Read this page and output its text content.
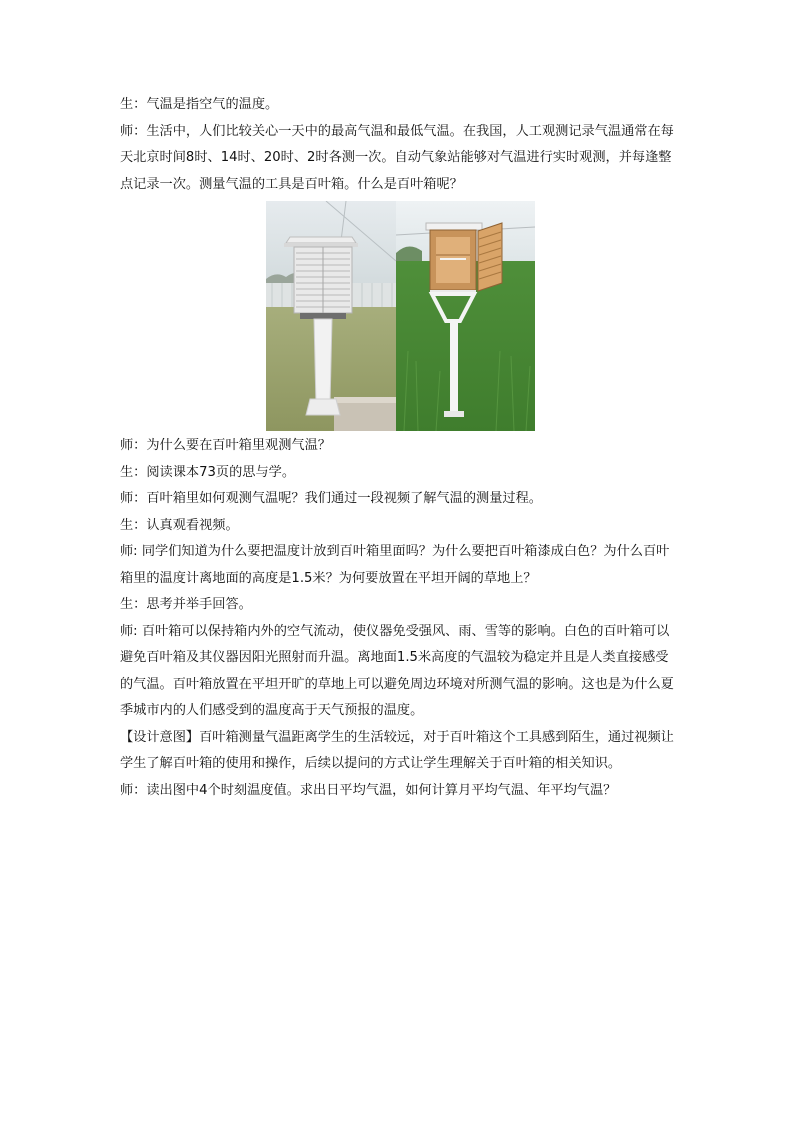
生：气温是指空气的温度。

师：生活中，人们比较关心一天中的最高气温和最低气温。在我国，人工观测记录气温通常在每天北京时间8时、14时、20时、2时各测一次。自动气象站能够对气温进行实时观测，并每逢整点记录一次。测量气温的工具是百叶箱。什么是百叶箱呢？

师：为什么要在百叶箱里观测气温？

生：阅读课本73页的思与学。

师：百叶箱里如何观测气温呢？我们通过一段视频了解气温的测量过程。

生：认真观看视频。

师: 同学们知道为什么要把温度计放到百叶箱里面吗？为什么要把百叶箱漆成白色？为什么百叶箱里的温度计离地面的高度是1.5米？为何要放置在平坦开阔的草地上？

生：思考并举手回答。

师: 百叶箱可以保持箱内外的空气流动，使仪器免受强风、雨、雪等的影响。白色的百叶箱可以避免百叶箱及其仪器因阳光照射而升温。离地面1.5米高度的气温较为稳定并且是人类直接感受的气温。百叶箱放置在平坦开旷的草地上可以避免周边环境对所测气温的影响。这也是为什么夏季城市内的人们感受到的温度高于天气预报的温度。

【设计意图】百叶箱测量气温距离学生的生活较远，对于百叶箱这个工具感到陌生，通过视频让学生了解百叶箱的使用和操作，后续以提问的方式让学生理解关于百叶箱的相关知识。

师：读出图中4个时刻温度值。求出日平均气温，如何计算月平均气温、年平均气温？
